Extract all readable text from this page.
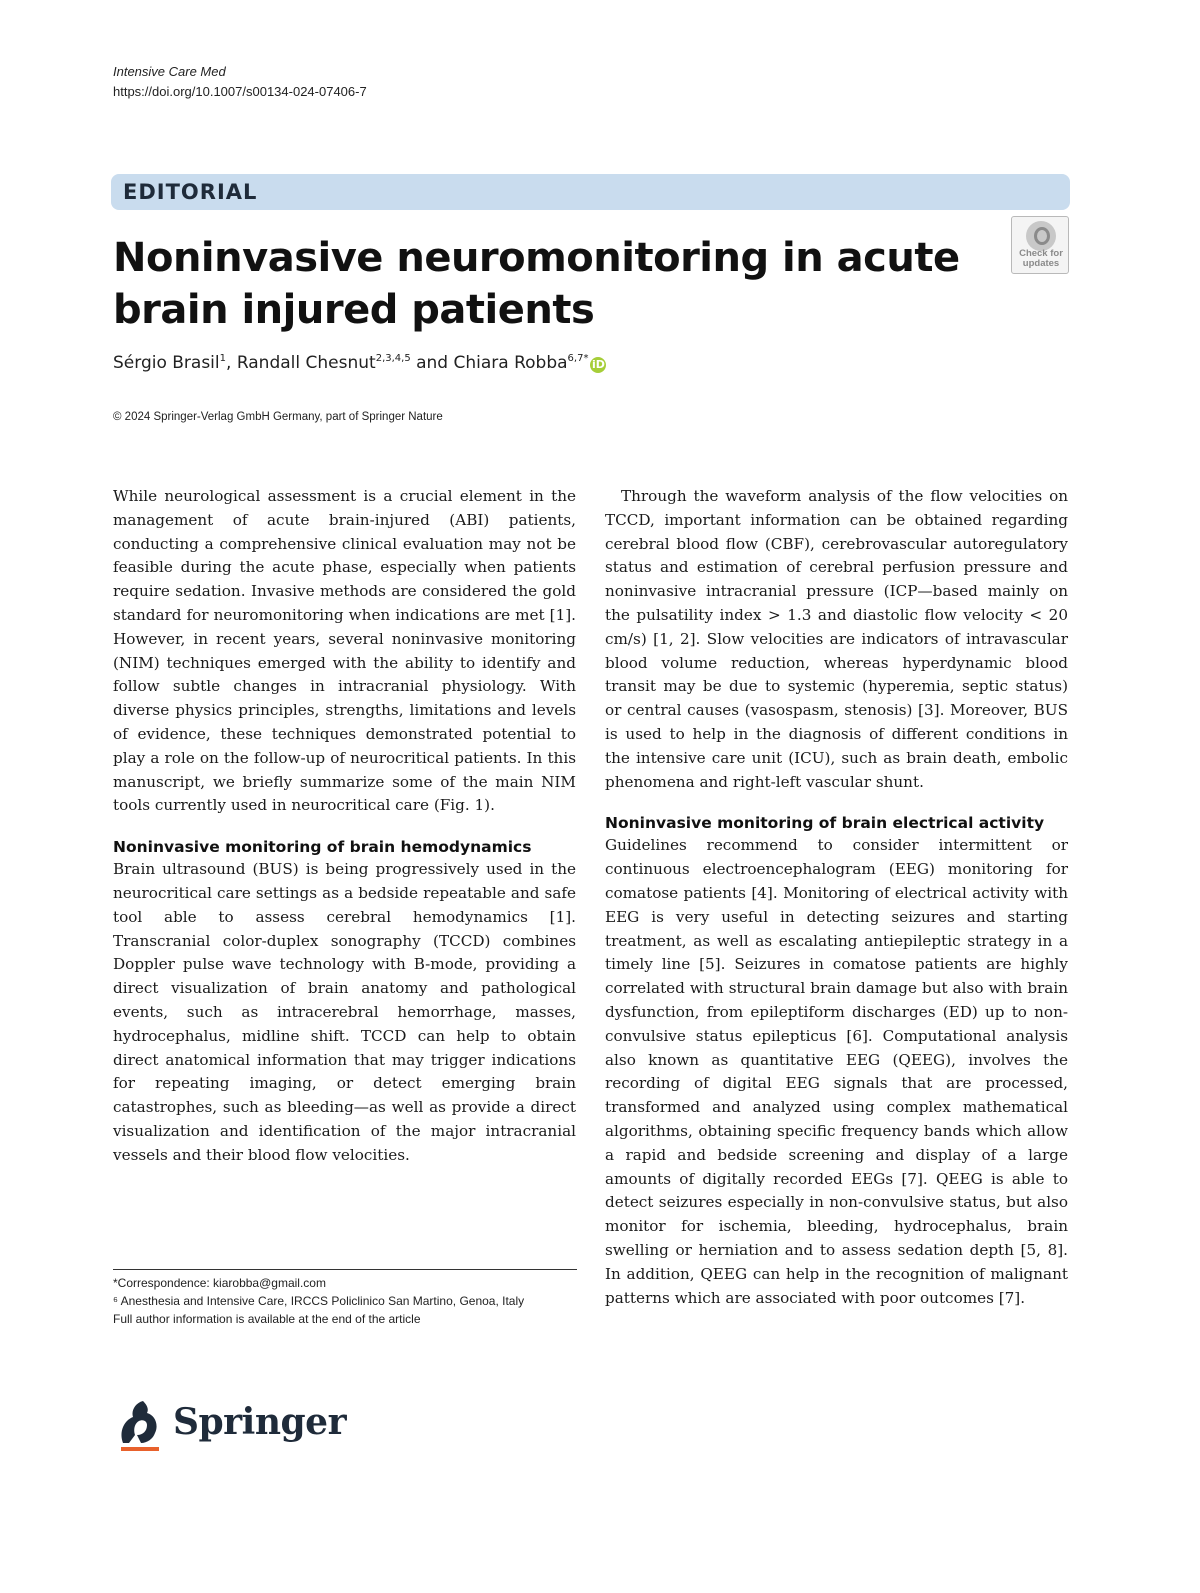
Intensive Care Med
https://doi.org/10.1007/s00134-024-07406-7
EDITORIAL
Noninvasive neuromonitoring in acute brain injured patients
Check for updates
Sérgio Brasil$^1$, Randall Chesnut$^{2,3,4,5}$ and Chiara Robba$^{6,7*}$ iD
© 2024 Springer-Verlag GmbH Germany, part of Springer Nature

While neurological assessment is a crucial element in the management of acute brain-injured (ABI) patients, conducting a comprehensive clinical evaluation may not be feasible during the acute phase, especially when patients require sedation. Invasive methods are considered the gold standard for neuromonitoring when indications are met [1]. However, in recent years, several noninvasive monitoring (NIM) techniques emerged with the ability to identify and follow subtle changes in intracranial physiology. With diverse physics principles, strengths, limitations and levels of evidence, these techniques demonstrated potential to play a role on the follow-up of neurocritical patients. In this manuscript, we briefly summarize some of the main NIM tools currently used in neurocritical care (Fig. 1).

Noninvasive monitoring of brain hemodynamics

Brain ultrasound (BUS) is being progressively used in the neurocritical care settings as a bedside repeatable and safe tool able to assess cerebral hemodynamics [1]. Transcranial color-duplex sonography (TCCD) combines Doppler pulse wave technology with B-mode, providing a direct visualization of brain anatomy and pathological events, such as intracerebral hemorrhage, masses, hydrocephalus, midline shift. TCCD can help to obtain direct anatomical information that may trigger indications for repeating imaging, or detect emerging brain catastrophes, such as bleeding—as well as provide a direct visualization and identification of the major intracranial vessels and their blood flow velocities.

Through the waveform analysis of the flow velocities on TCCD, important information can be obtained regarding cerebral blood flow (CBF), cerebrovascular autoregulatory status and estimation of cerebral perfusion pressure and noninvasive intracranial pressure (ICP—based mainly on the pulsatility index > 1.3 and diastolic flow velocity < 20 cm/s) [1, 2]. Slow velocities are indicators of intravascular blood volume reduction, whereas hyperdynamic blood transit may be due to systemic (hyperemia, septic status) or central causes (vasospasm, stenosis) [3]. Moreover, BUS is used to help in the diagnosis of different conditions in the intensive care unit (ICU), such as brain death, embolic phenomena and right-left vascular shunt.

Noninvasive monitoring of brain electrical activity

Guidelines recommend to consider intermittent or continuous electroencephalogram (EEG) monitoring for comatose patients [4]. Monitoring of electrical activity with EEG is very useful in detecting seizures and starting treatment, as well as escalating antiepileptic strategy in a timely line [5]. Seizures in comatose patients are highly correlated with structural brain damage but also with brain dysfunction, from epileptiform discharges (ED) up to non-convulsive status epilepticus [6]. Computational analysis also known as quantitative EEG (QEEG), involves the recording of digital EEG signals that are processed, transformed and analyzed using complex mathematical algorithms, obtaining specific frequency bands which allow a rapid and bedside screening and display of a large amounts of digitally recorded EEGs [7]. QEEG is able to detect seizures especially in non-convulsive status, but also monitor for ischemia, bleeding, hydrocephalus, brain swelling or herniation and to assess sedation depth [5, 8]. In addition, QEEG can help in the recognition of malignant patterns which are associated with poor outcomes [7].

*Correspondence: kiarobba@gmail.com
⁶ Anesthesia and Intensive Care, IRCCS Policlinico San Martino, Genoa, Italy
Full author information is available at the end of the article
Springer
